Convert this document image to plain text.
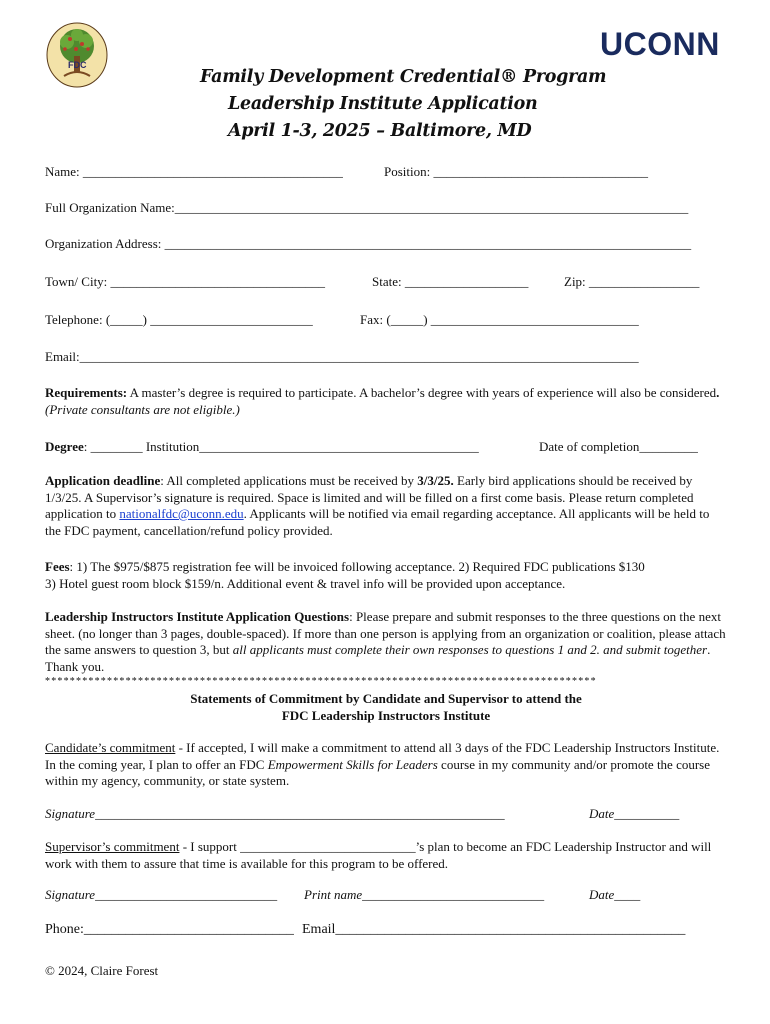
FDC
UCONN
Family Development Credential® Program
Leadership Institute Application
April 1-3, 2025 – Baltimore, MD
Name: ________________________________________	Position: _________________________________
Full Organization Name:_______________________________________________________________________________
Organization Address: _________________________________________________________________________________
Town/ City: _________________________________	State: ___________________	Zip: _________________
Telephone: (_____) _________________________	Fax: (_____) ________________________________
Email:______________________________________________________________________________________
Requirements: A master’s degree is required to participate. A bachelor’s degree with years of experience will also be considered. (Private consultants are not eligible.)
Degree: ________ Institution___________________________________________	Date of completion_________
Application deadline: All completed applications must be received by 3/3/25. Early bird applications should be received by 1/3/25. A Supervisor’s signature is required. Space is limited and will be filled on a first come basis. Please return completed application to nationalfdc@uconn.edu. Applicants will be notified via email regarding acceptance. All applicants will be held to the FDC payment, cancellation/refund policy provided.
Fees: 1) The $975/$875 registration fee will be invoiced following acceptance. 2) Required FDC publications $130
3) Hotel guest room block $159/n. Additional event & travel info will be provided upon acceptance.
Leadership Instructors Institute Application Questions: Please prepare and submit responses to the three questions on the next sheet. (no longer than 3 pages, double-spaced). If more than one person is applying from an organization or coalition, please attach the same answers to question 3, but all applicants must complete their own responses to questions 1 and 2. and submit together. Thank you.
*****************************************************************************************
Statements of Commitment by Candidate and Supervisor to attend the
FDC Leadership Instructors Institute
Candidate’s commitment - If accepted, I will make a commitment to attend all 3 days of the FDC Leadership Instructors Institute. In the coming year, I plan to offer an FDC Empowerment Skills for Leaders course in my community and/or promote the course within my agency, community, or state system.
Signature_______________________________________________________________	Date__________
Supervisor’s commitment - I support ___________________________’s plan to become an FDC Leadership Instructor and will work with them to assure that time is available for this program to be offered.
Signature____________________________ Print name____________________________	Date____
Phone:______________________________ Email__________________________________________________
© 2024, Claire Forest
